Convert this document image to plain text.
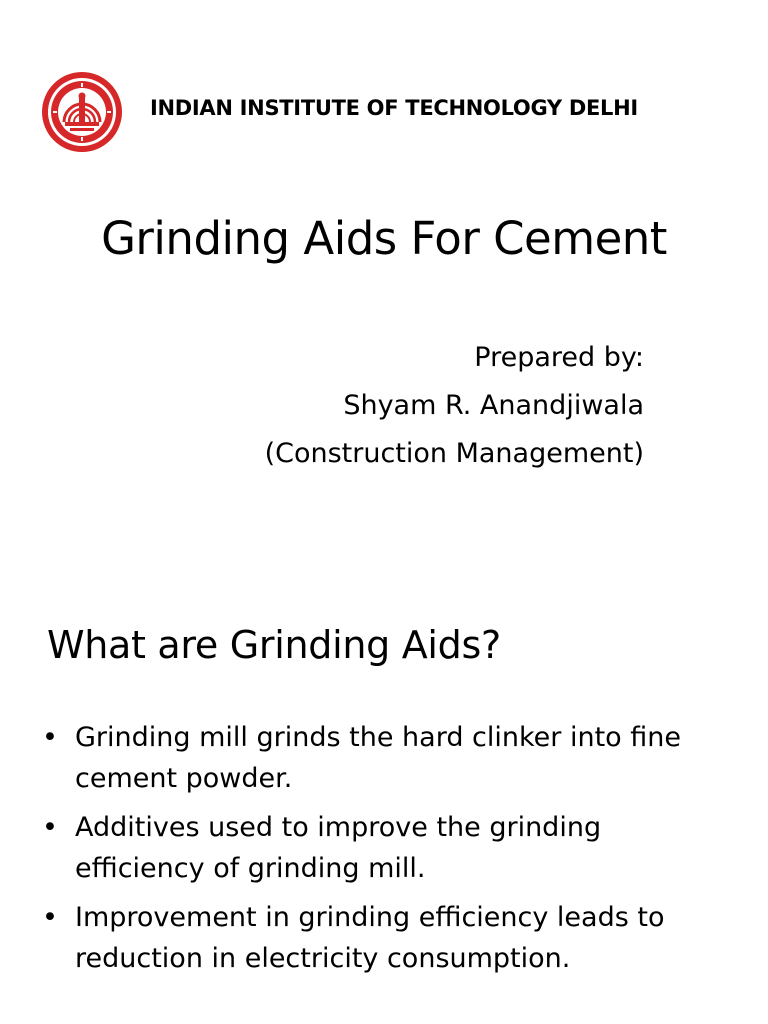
INDIAN INSTITUTE OF TECHNOLOGY DELHI
Grinding Aids For Cement
Prepared by:
Shyam R. Anandjiwala
(Construction Management)
What are Grinding Aids?
• Grinding mill grinds the hard clinker into fine cement powder.
• Additives used to improve the grinding efficiency of grinding mill.
• Improvement in grinding efficiency leads to reduction in electricity consumption.
